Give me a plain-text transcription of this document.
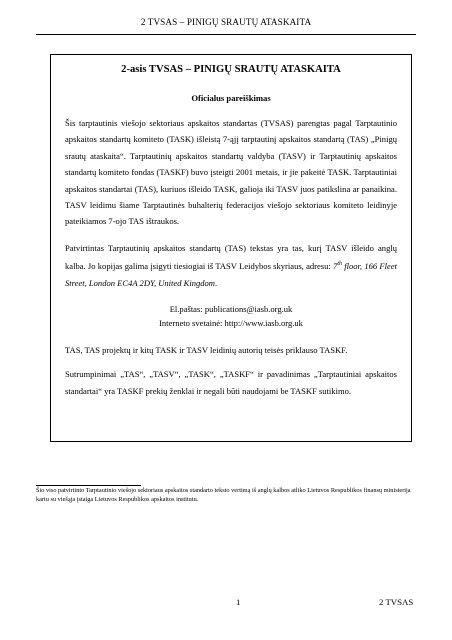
2 TVSAS – PINIGŲ SRAUTŲ ATASKAITA
2-asis TVSAS – PINIGŲ SRAUTŲ ATASKAITA
Oficialus pareiškimas

Šis tarptautinis viešojo sektoriaus apskaitos standartas (TVSAS) parengtas pagal Tarptautinio apskaitos standartų komiteto (TASK) išleistą 7-ąjį tarptautinį apskaitos standartą (TAS) „Pinigų srautų ataskaita“. Tarptautinių apskaitos standartų valdyba (TASV) ir Tarptautinių apskaitos standartų komiteto fondas (TASKF) buvo įsteigti 2001 metais, ir jie pakeitė TASK. Tarptautiniai apskaitos standartai (TAS), kuriuos išleido TASK, galioja iki TASV juos patikslina ar panaikina. TASV leidimu šiame Tarptautinės buhalterių federacijos viešojo sektoriaus komiteto leidinyje pateikiamos 7-ojo TAS ištraukos.

Patvirtintas Tarptautinių apskaitos standartų (TAS) tekstas yra tas, kurį TASV išleido anglų kalba. Jo kopijas galima įsigyti tiesiogiai iš TASV Leidybos skyriaus, adresu: 7th floor, 166 Fleet Street, London EC4A 2DY, United Kingdom.

El.paštas: publications@iasb.org.uk
Interneto svetainė: http://www.iasb.org.uk

TAS, TAS projektų ir kitų TASK ir TASV leidinių autorių teisės priklauso TASKF.

Sutrumpinimai „TAS“, „TASV“, „TASK“, „TASKF“ ir pavadinimas „Tarptautiniai apskaitos standartai“ yra TASKF prekių ženklai ir negali būti naudojami be TASKF sutikimo.

Šio viso patvirtinto Tarptautinio viešojo sektoriaus apskaitos standarto teksto vertimą iš anglų kalbos atliko Lietuvos Respublikos finansų ministerija kartu su viešąja įstaiga Lietuvos Respublikos apskaitos institutu.
1	2 TVSAS
